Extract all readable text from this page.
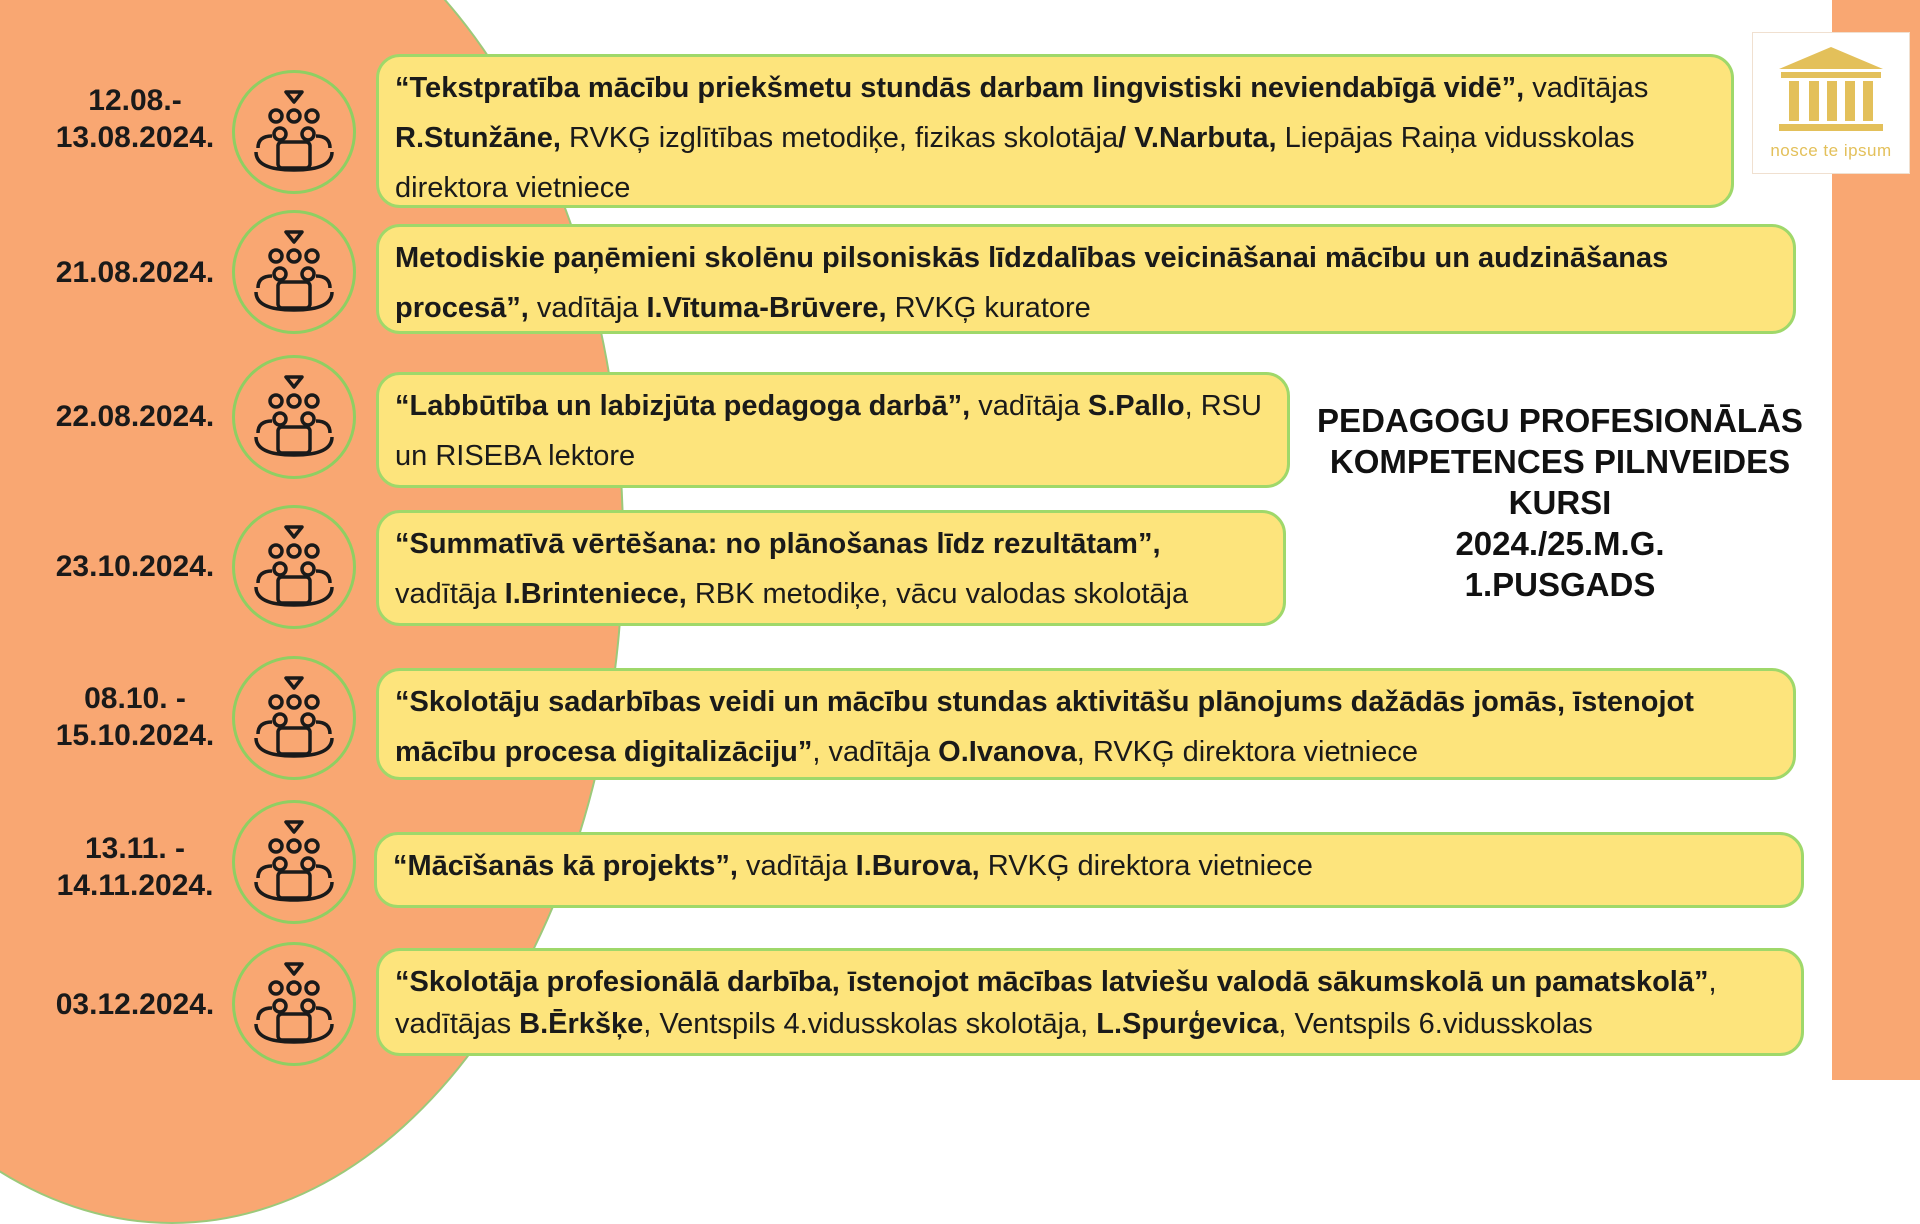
nosce te ipsum
12.08.-
13.08.2024.
“Tekstpratība mācību priekšmetu stundās darbam lingvistiski neviendabīgā vidē”, vadītājas R.Stunžāne, RVKĢ izglītības metodiķe, fizikas skolotāja/ V.Narbuta, Liepājas Raiņa vidusskolas direktora vietniece
21.08.2024.	Metodiskie paņēmieni skolēnu pilsoniskās līdzdalības veicināšanai mācību un audzināšanas procesā”, vadītāja I.Vītuma-Brūvere, RVKĢ kuratore
22.08.2024.	“Labbūtība un labizjūta pedagoga darbā”, vadītāja S.Pallo, RSU un RISEBA lektore
23.10.2024.
“Summatīvā vērtēšana: no plānošanas līdz rezultātam”, vadītāja I.Brinteniece, RBK metodiķe, vācu valodas skolotāja
08.10. -
15.10.2024.
“Skolotāju sadarbības veidi un mācību stundas aktivitāšu plānojums dažādās jomās, īstenojot mācību procesa digitalizāciju”, vadītāja O.Ivanova, RVKĢ direktora vietniece
13.11. -
14.11.2024.
“Mācīšanās kā projekts”, vadītāja I.Burova, RVKĢ direktora vietniece
03.12.2024.
“Skolotāja profesionālā darbība, īstenojot mācības latviešu valodā sākumskolā un pamatskolā”, vadītājas B.Ērkšķe, Ventspils 4.vidusskolas skolotāja, L.Spurģevica, Ventspils 6.vidusskolas
PEDAGOGU PROFESIONĀLĀS
KOMPETENCES PILNVEIDES
KURSI
2024./25.M.G.
1.PUSGADS
